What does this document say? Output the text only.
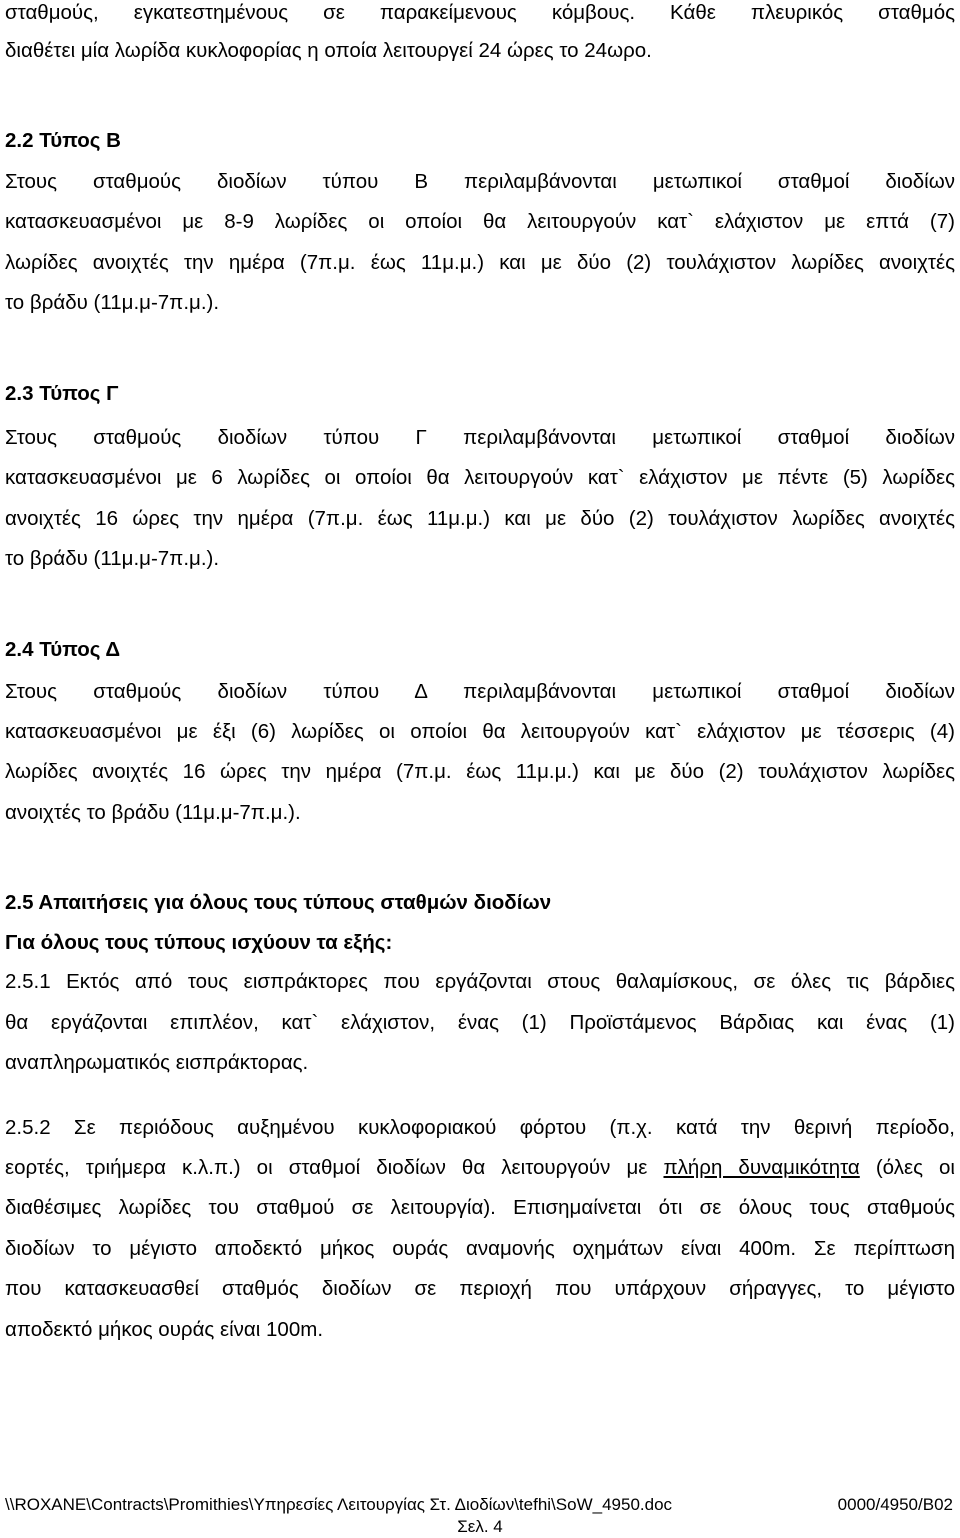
σταθμούς, εγκατεστημένους σε παρακείμενους κόμβους. Κάθε πλευρικός σταθμός
διαθέτει μία λωρίδα κυκλοφορίας η οποία λειτουργεί 24 ώρες το 24ωρο.
2.2 Τύπος Β
Στους σταθμούς διοδίων τύπου Β περιλαμβάνονται μετωπικοί σταθμοί διοδίων
κατασκευασμένοι με 8-9 λωρίδες οι οποίοι θα λειτουργούν κατ` ελάχιστον με επτά (7)
λωρίδες ανοιχτές την ημέρα (7π.μ. έως 11μ.μ.) και με δύο (2) τουλάχιστον λωρίδες ανοιχτές
το βράδυ (11μ.μ-7π.μ.).
2.3 Τύπος Γ
Στους σταθμούς διοδίων τύπου Γ περιλαμβάνονται μετωπικοί σταθμοί διοδίων
κατασκευασμένοι με 6 λωρίδες οι οποίοι θα λειτουργούν κατ` ελάχιστον με πέντε (5) λωρίδες
ανοιχτές 16 ώρες την ημέρα (7π.μ. έως 11μ.μ.) και με δύο (2) τουλάχιστον λωρίδες ανοιχτές
το βράδυ (11μ.μ-7π.μ.).
2.4 Τύπος Δ
Στους σταθμούς διοδίων τύπου Δ περιλαμβάνονται μετωπικοί σταθμοί διοδίων
κατασκευασμένοι με έξι (6) λωρίδες οι οποίοι θα λειτουργούν κατ` ελάχιστον με τέσσερις (4)
λωρίδες ανοιχτές 16 ώρες την ημέρα (7π.μ. έως 11μ.μ.) και με δύο (2) τουλάχιστον λωρίδες
ανοιχτές το βράδυ (11μ.μ-7π.μ.).
2.5 Απαιτήσεις για όλους τους τύπους σταθμών διοδίων
Για όλους τους τύπους ισχύουν τα εξής:
2.5.1 Εκτός από τους εισπράκτορες που εργάζονται στους θαλαμίσκους, σε όλες τις βάρδιες
θα εργάζονται επιπλέον, κατ` ελάχιστον, ένας (1) Προϊστάμενος Βάρδιας και ένας (1)
αναπληρωματικός εισπράκτορας.
2.5.2 Σε περιόδους αυξημένου κυκλοφοριακού φόρτου (π.χ. κατά την θερινή περίοδο,
εορτές, τριήμερα κ.λ.π.) οι σταθμοί διοδίων θα λειτουργούν με πλήρη δυναμικότητα (όλες οι
διαθέσιμες λωρίδες του σταθμού σε λειτουργία). Επισημαίνεται ότι σε όλους τους σταθμούς
διοδίων το μέγιστο αποδεκτό μήκος ουράς αναμονής οχημάτων είναι 400m. Σε περίπτωση
που κατασκευασθεί σταθμός διοδίων σε περιοχή που υπάρχουν σήραγγες, το μέγιστο
αποδεκτό μήκος ουράς είναι 100m.
\\ROXANE\Contracts\Promithies\Υπηρεσίες Λειτουργίας Στ. Διοδίων\tefhi\SoW_4950.doc	0000/4950/B02
Σελ. 4
